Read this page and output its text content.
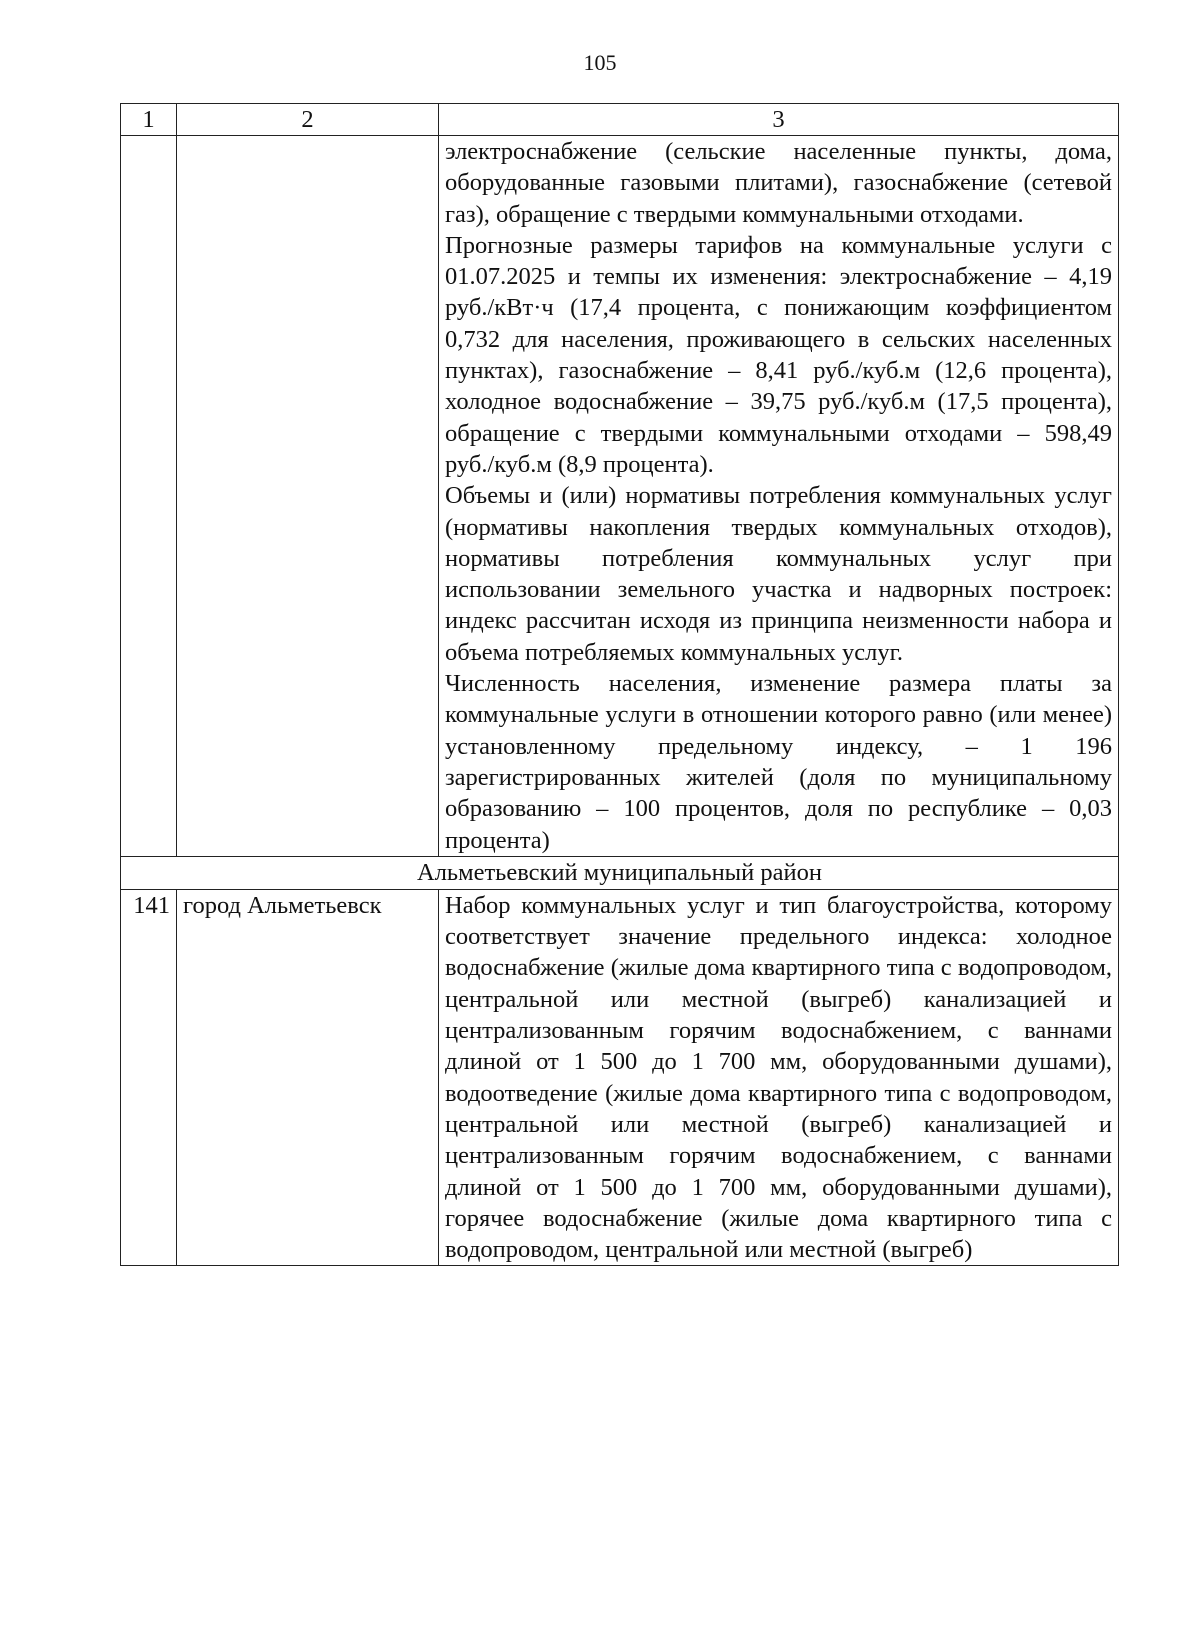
105
1	2	3

		электроснабжение (сельские населенные пункты, дома, оборудованные газовыми плитами), газоснабжение (сетевой газ), обращение с твердыми коммунальными отходами.
Прогнозные размеры тарифов на коммунальные услуги с 01.07.2025 и темпы их изменения: электроснабжение – 4,19 руб./кВт·ч (17,4 процента, с понижающим коэффициентом 0,732 для населения, проживающего в сельских населенных пунктах), газоснабжение – 8,41 руб./куб.м (12,6 процента), холодное водоснабжение – 39,75 руб./куб.м (17,5 процента), обращение с твердыми коммунальными отходами – 598,49 руб./куб.м (8,9 процента).
Объемы и (или) нормативы потребления коммунальных услуг (нормативы накопления твердых коммунальных отходов), нормативы потребления коммунальных услуг при использовании земельного участка и надворных построек: индекс рассчитан исходя из принципа неизменности набора и объема потребляемых коммунальных услуг.
Численность населения, изменение размера платы за коммунальные услуги в отношении которого равно (или менее) установленному предельному индексу, – 1 196 зарегистрированных жителей (доля по муниципальному образованию – 100 процентов, доля по республике – 0,03 процента)

Альметьевский муниципальный район		
141	город Альметьевск	Набор коммунальных услуг и тип благоустройства, которому соответствует значение предельного индекса: холодное водоснабжение (жилые дома квартирного типа с водопроводом, центральной или местной (выгреб) канализацией и централизованным горячим водоснабжением, с ваннами длиной от 1 500 до 1 700 мм, оборудованными душами), водоотведение (жилые дома квартирного типа с водопроводом, центральной или местной (выгреб) канализацией и централизованным горячим водоснабжением, с ваннами длиной от 1 500 до 1 700 мм, оборудованными душами), горячее водоснабжение (жилые дома квартирного типа с водопроводом, центральной или местной (выгреб)
